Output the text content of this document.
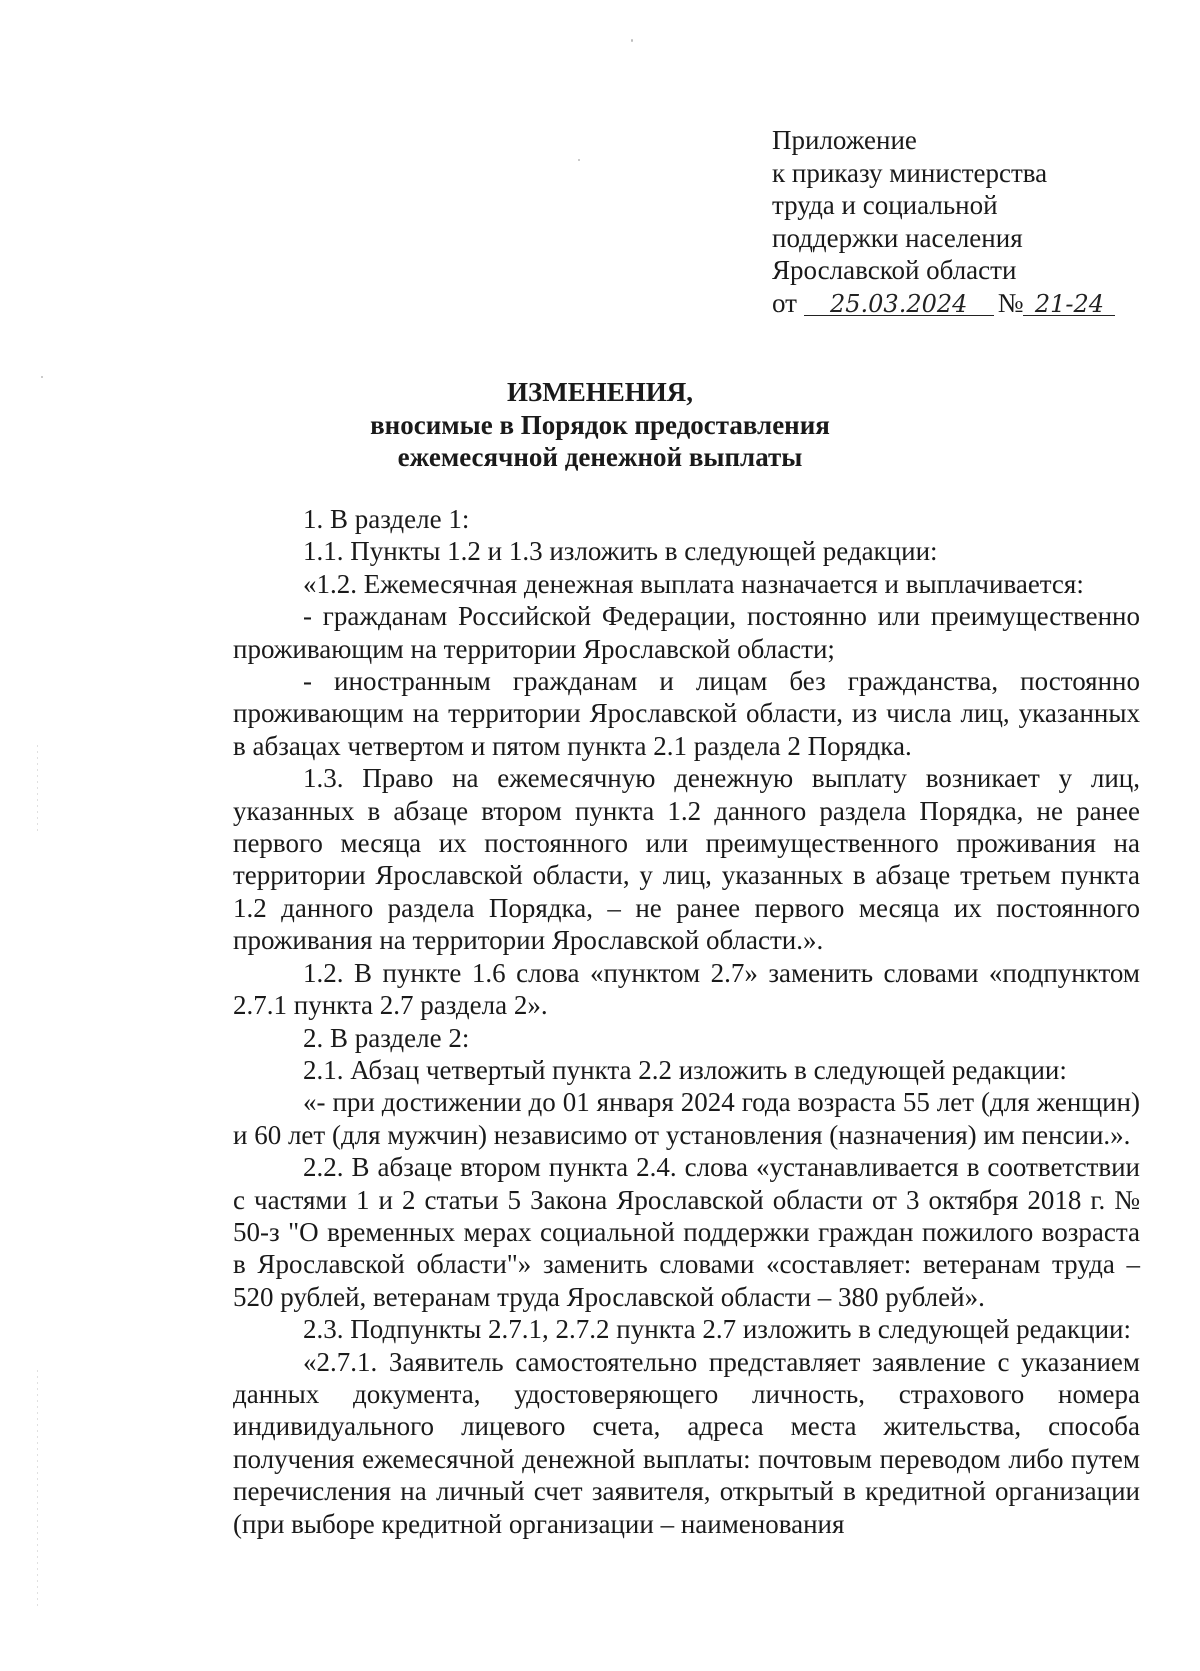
Приложение
к приказу министерства
труда и социальной
поддержки населения
Ярославской области
от 25.03.2024 № 21-24
ИЗМЕНЕНИЯ,
вносимые в Порядок предоставления
ежемесячной денежной выплаты

1. В разделе 1:

1.1. Пункты 1.2 и 1.3 изложить в следующей редакции:

«1.2. Ежемесячная денежная выплата назначается и выплачивается:

- гражданам Российской Федерации, постоянно или преимущественно проживающим на территории Ярославской области;

- иностранным гражданам и лицам без гражданства, постоянно проживающим на территории Ярославской области, из числа лиц, указанных в абзацах четвертом и пятом пункта 2.1 раздела 2 Порядка.

1.3. Право на ежемесячную денежную выплату возникает у лиц, указанных в абзаце втором пункта 1.2 данного раздела Порядка, не ранее первого месяца их постоянного или преимущественного проживания на территории Ярославской области, у лиц, указанных в абзаце третьем пункта 1.2 данного раздела Порядка, – не ранее первого месяца их постоянного проживания на территории Ярославской области.».

1.2. В пункте 1.6 слова «пунктом 2.7» заменить словами «подпунктом 2.7.1 пункта 2.7 раздела 2».

2. В разделе 2:

2.1. Абзац четвертый пункта 2.2 изложить в следующей редакции:

«- при достижении до 01 января 2024 года возраста 55 лет (для женщин) и 60 лет (для мужчин) независимо от установления (назначения) им пенсии.».

2.2. В абзаце втором пункта 2.4. слова «устанавливается в соответствии с частями 1 и 2 статьи 5 Закона Ярославской области от 3 октября 2018 г. № 50-з "О временных мерах социальной поддержки граждан пожилого возраста в Ярославской области"» заменить словами «составляет: ветеранам труда – 520 рублей, ветеранам труда Ярославской области – 380 рублей».

2.3. Подпункты 2.7.1, 2.7.2 пункта 2.7 изложить в следующей редакции:

«2.7.1. Заявитель самостоятельно представляет заявление с указанием данных документа, удостоверяющего личность, страхового номера индивидуального лицевого счета, адреса места жительства, способа получения ежемесячной денежной выплаты: почтовым переводом либо путем перечисления на личный счет заявителя, открытый в кредитной организации (при выборе кредитной организации – наименования
